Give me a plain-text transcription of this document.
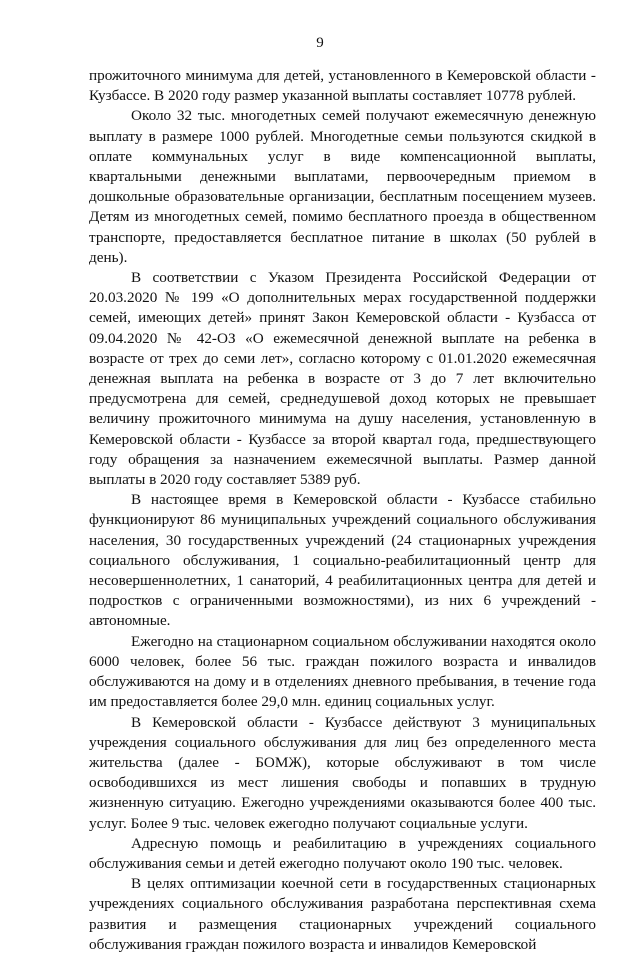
9

прожиточного минимума для детей, установленного в Кемеровской области - Кузбассе. В 2020 году размер указанной выплаты составляет 10778 рублей.

Около 32 тыс. многодетных семей получают ежемесячную денежную выплату в размере 1000 рублей. Многодетные семьи пользуются скидкой в оплате коммунальных услуг в виде компенсационной выплаты, квартальными денежными выплатами, первоочередным приемом в дошкольные образовательные организации, бесплатным посещением музеев. Детям из многодетных семей, помимо бесплатного проезда в общественном транспорте, предоставляется бесплатное питание в школах (50 рублей в день).

В соответствии с Указом Президента Российской Федерации от 20.03.2020 № 199 «О дополнительных мерах государственной поддержки семей, имеющих детей» принят Закон Кемеровской области - Кузбасса от 09.04.2020 № 42-ОЗ «О ежемесячной денежной выплате на ребенка в возрасте от трех до семи лет», согласно которому с 01.01.2020 ежемесячная денежная выплата на ребенка в возрасте от 3 до 7 лет включительно предусмотрена для семей, среднедушевой доход которых не превышает величину прожиточного минимума на душу населения, установленную в Кемеровской области - Кузбассе за второй квартал года, предшествующего году обращения за назначением ежемесячной выплаты. Размер данной выплаты в 2020 году составляет 5389 руб.

В настоящее время в Кемеровской области - Кузбассе стабильно функционируют 86 муниципальных учреждений социального обслуживания населения, 30 государственных учреждений (24 стационарных учреждения социального обслуживания, 1 социально-реабилитационный центр для несовершеннолетних, 1 санаторий, 4 реабилитационных центра для детей и подростков с ограниченными возможностями), из них 6 учреждений - автономные.

Ежегодно на стационарном социальном обслуживании находятся около 6000 человек, более 56 тыс. граждан пожилого возраста и инвалидов обслуживаются на дому и в отделениях дневного пребывания, в течение года им предоставляется более 29,0 млн. единиц социальных услуг.

В Кемеровской области - Кузбассе действуют 3 муниципальных учреждения социального обслуживания для лиц без определенного места жительства (далее - БОМЖ), которые обслуживают в том числе освободившихся из мест лишения свободы и попавших в трудную жизненную ситуацию. Ежегодно учреждениями оказываются более 400 тыс. услуг. Более 9 тыс. человек ежегодно получают социальные услуги.

Адресную помощь и реабилитацию в учреждениях социального обслуживания семьи и детей ежегодно получают около 190 тыс. человек.

В целях оптимизации коечной сети в государственных стационарных учреждениях социального обслуживания разработана перспективная схема развития и размещения стационарных учреждений социального обслуживания граждан пожилого возраста и инвалидов Кемеровской
